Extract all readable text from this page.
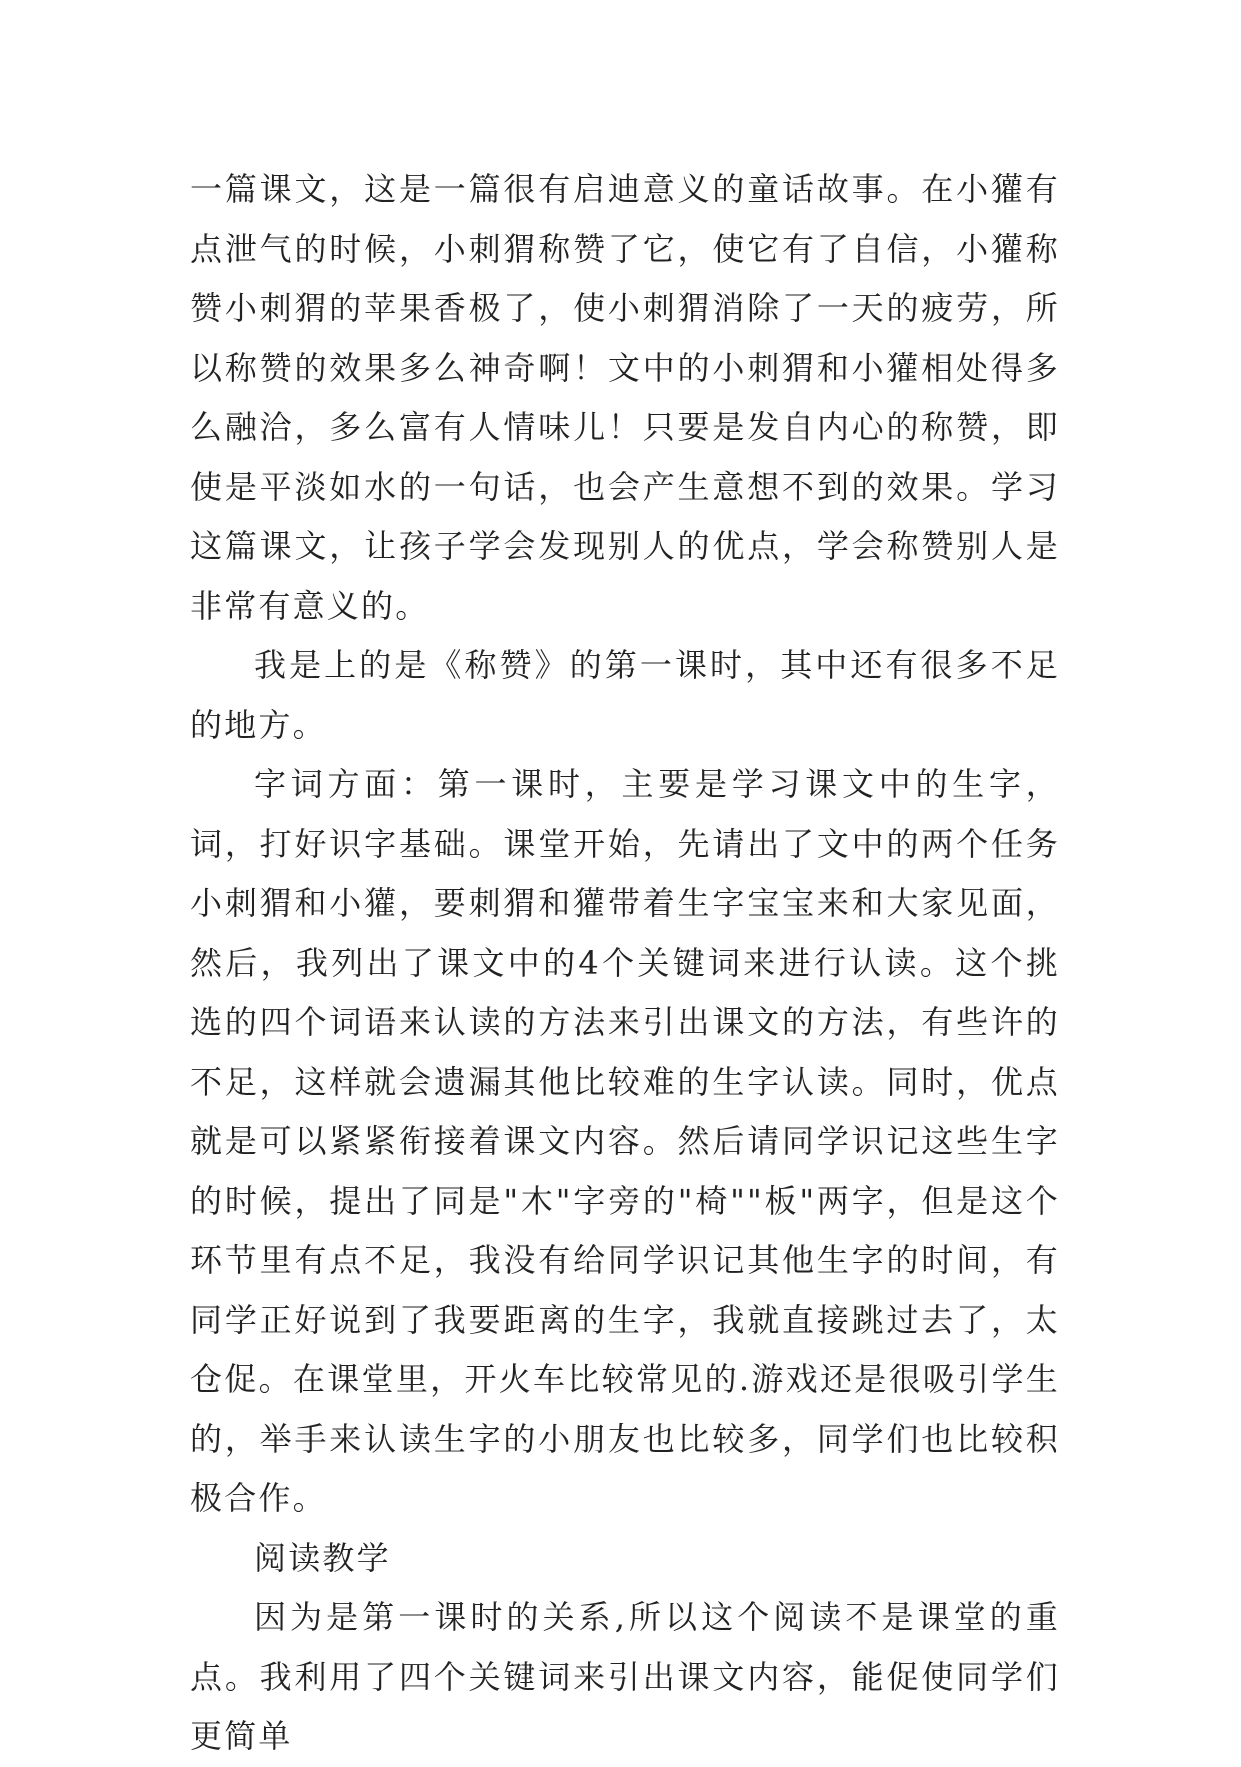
一篇课文，这是一篇很有启迪意义的童话故事。在小獾有点泄气的时候，小刺猬称赞了它，使它有了自信，小獾称赞小刺猬的苹果香极了，使小刺猬消除了一天的疲劳，所以称赞的效果多么神奇啊！文中的小刺猬和小獾相处得多么融洽，多么富有人情味儿！只要是发自内心的称赞，即使是平淡如水的一句话，也会产生意想不到的效果。学习这篇课文，让孩子学会发现别人的优点，学会称赞别人是非常有意义的。

我是上的是《称赞》的第一课时，其中还有很多不足的地方。

字词方面：第一课时，主要是学习课文中的生字，词，打好识字基础。课堂开始，先请出了文中的两个任务小刺猬和小獾，要刺猬和獾带着生字宝宝来和大家见面，然后，我列出了课文中的4个关键词来进行认读。这个挑选的四个词语来认读的方法来引出课文的方法，有些许的不足，这样就会遗漏其他比较难的生字认读。同时，优点就是可以紧紧衔接着课文内容。然后请同学识记这些生字的时候，提出了同是"木"字旁的"椅""板"两字，但是这个环节里有点不足，我没有给同学识记其他生字的时间，有同学正好说到了我要距离的生字，我就直接跳过去了，太仓促。在课堂里，开火车比较常见的.游戏还是很吸引学生的，举手来认读生字的小朋友也比较多，同学们也比较积极合作。

阅读教学

因为是第一课时的关系,所以这个阅读不是课堂的重点。我利用了四个关键词来引出课文内容，能促使同学们更简单
